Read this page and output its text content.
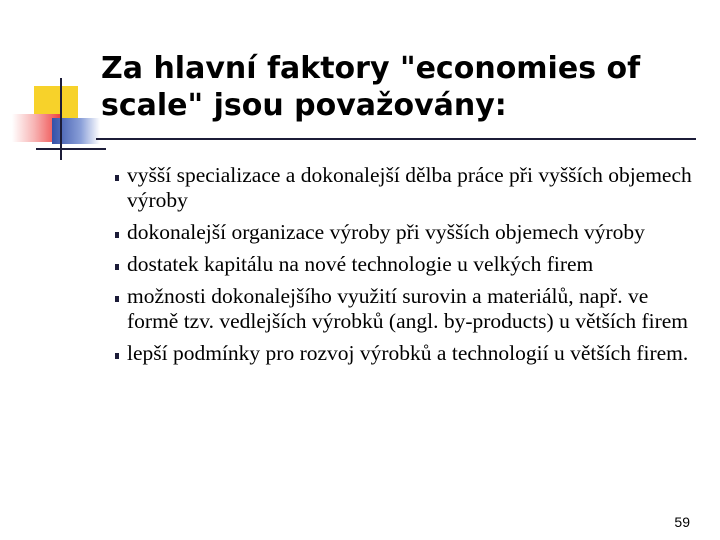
Za hlavní faktory "economies of
scale" jsou považovány:
vyšší specializace a dokonalejší dělba práce při vyšších objemech výroby
dokonalejší organizace výroby při vyšších objemech výroby
dostatek kapitálu na nové technologie u velkých firem
možnosti dokonalejšího využití surovin a materiálů, např. ve formě tzv. vedlejších výrobků (angl. by-products) u větších firem
lepší podmínky pro rozvoj výrobků a technologií u větších firem.
59
